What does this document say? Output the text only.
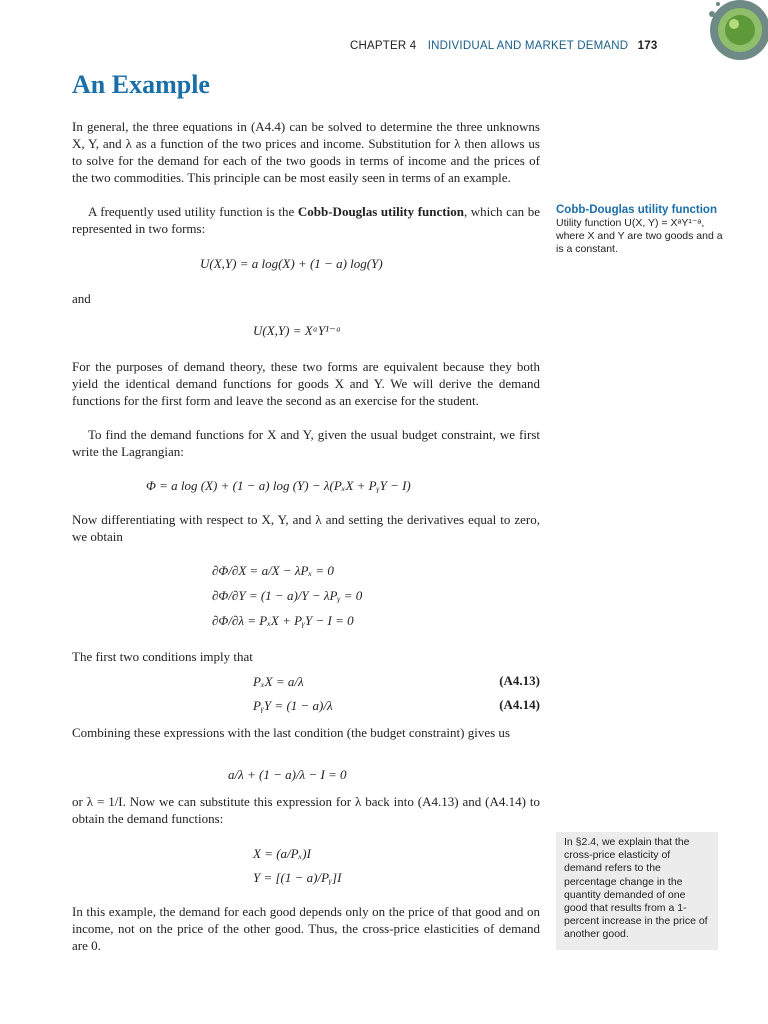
CHAPTER 4 INDIVIDUAL AND MARKET DEMAND 173
An Example

In general, the three equations in (A4.4) can be solved to determine the three unknowns X, Y, and λ as a function of the two prices and income. Substitution for λ then allows us to solve for the demand for each of the two goods in terms of income and the prices of the two commodities. This principle can be most easily seen in terms of an example.

A frequently used utility function is the Cobb-Douglas utility function, which can be represented in two forms:

U(X,Y) = a log(X) + (1 − a) log(Y)

and

U(X,Y) = XᵃY¹⁻ᵃ

For the purposes of demand theory, these two forms are equivalent because they both yield the identical demand functions for goods X and Y. We will derive the demand functions for the first form and leave the second as an exercise for the student.

To find the demand functions for X and Y, given the usual budget constraint, we first write the Lagrangian:

Φ = a log (X) + (1 − a) log (Y) − λ(PₓX + PᵧY − I)

Now differentiating with respect to X, Y, and λ and setting the derivatives equal to zero, we obtain

∂Φ/∂X = a/X − λPₓ = 0
∂Φ/∂Y = (1 − a)/Y − λPᵧ = 0
∂Φ/∂λ = PₓX + PᵧY − I = 0

The first two conditions imply that

PₓX = a/λ	(A4.13)
PᵧY = (1 − a)/λ	(A4.14)

Combining these expressions with the last condition (the budget constraint) gives us

a/λ + (1 − a)/λ − I = 0

or λ = 1/I. Now we can substitute this expression for λ back into (A4.13) and (A4.14) to obtain the demand functions:

X = (a/Pₓ)I
Y = [(1 − a)/Pᵧ]I

In this example, the demand for each good depends only on the price of that good and on income, not on the price of the other good. Thus, the cross-price elasticities of demand are 0.

Cobb-Douglas utility function Utility function U(X, Y) = XᵃY¹⁻ᵃ, where X and Y are two goods and a is a constant.
In §2.4, we explain that the cross-price elasticity of demand refers to the percentage change in the quantity demanded of one good that results from a 1-percent increase in the price of another good.
